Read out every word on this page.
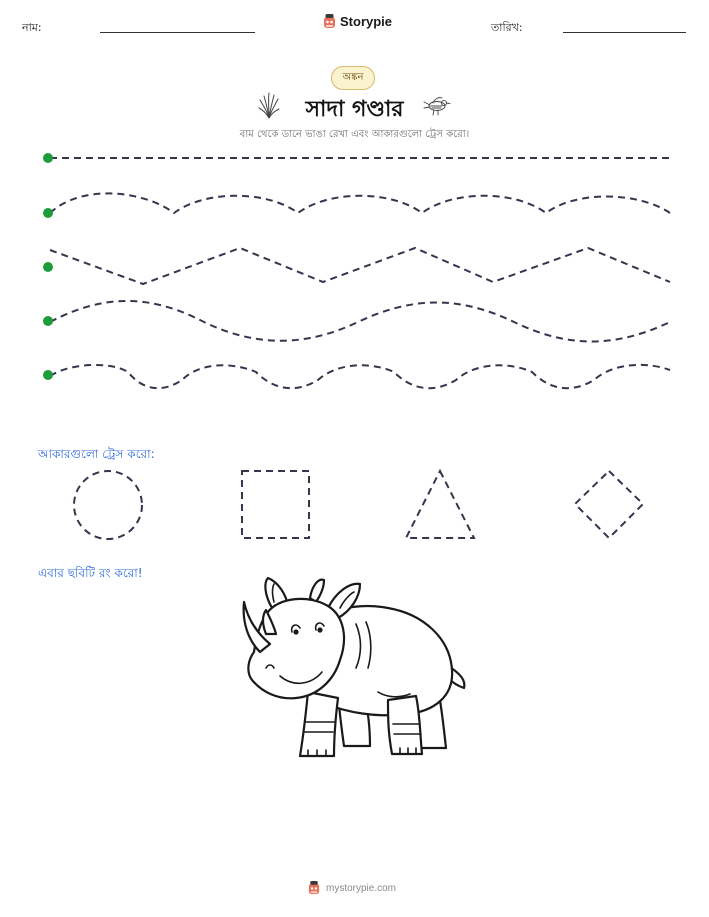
নাম:	Storypie	তারিখ:
অঙ্কন
সাদা গণ্ডার
বাম থেকে ডানে ভাঙা রেখা এবং আকারগুলো ট্রেস করো।
আকারগুলো ট্রেস করো:
এবার ছবিটি রং করো!
mystorypie.com
